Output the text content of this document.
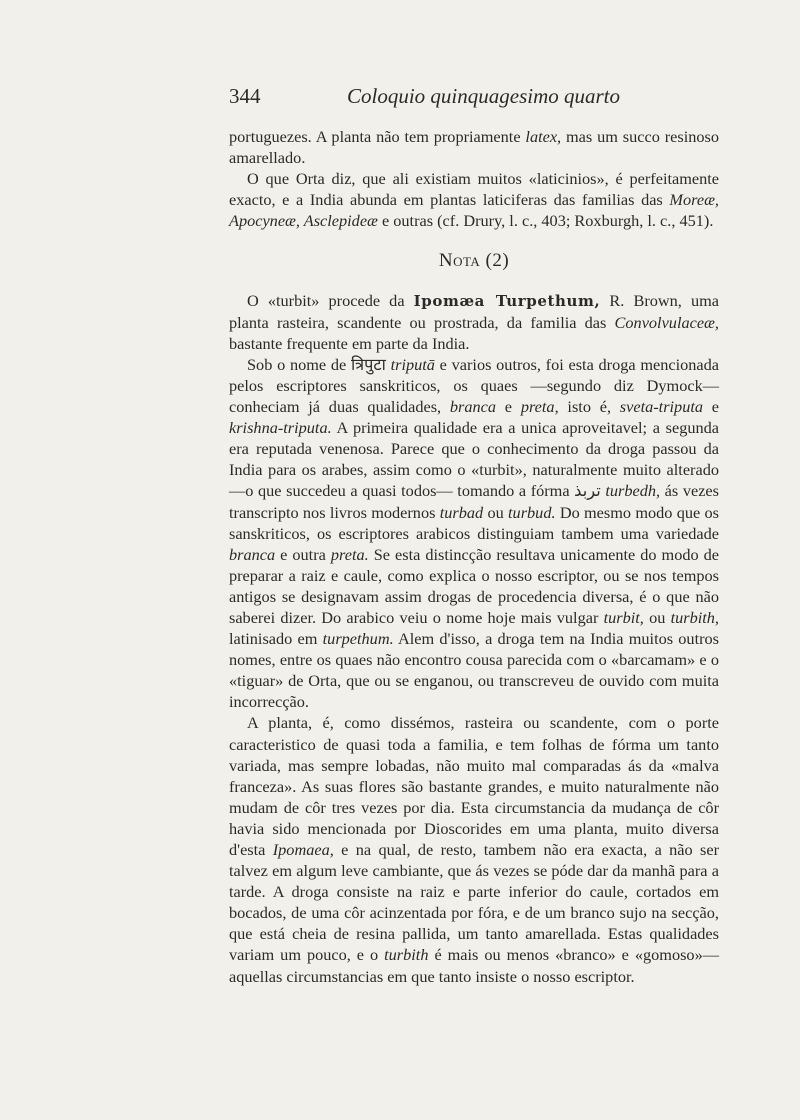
344	Coloquio quinquagesimo quarto

portuguezes. A planta não tem propriamente latex, mas um succo resinoso amarellado.

O que Orta diz, que ali existiam muitos «laticinios», é perfeitamente exacto, e a India abunda em plantas laticiferas das familias das Moreæ, Apocyneæ, Asclepideæ e outras (cf. Drury, l. c., 403; Roxburgh, l. c., 451).

Nota (2)

O «turbit» procede da Ipomæa Turpethum, R. Brown, uma planta rasteira, scandente ou prostrada, da familia das Convolvulaceæ, bastante frequente em parte da India.

Sob o nome de त्रिपुटा triputā e varios outros, foi esta droga mencionada pelos escriptores sanskriticos, os quaes —segundo diz Dymock— conheciam já duas qualidades, branca e preta, isto é, sveta-triputa e krishna-triputa. A primeira qualidade era a unica aproveitavel; a segunda era reputada venenosa. Parece que o conhecimento da droga passou da India para os arabes, assim como o «turbit», naturalmente muito alterado —o que succedeu a quasi todos— tomando a fórma تربذ turbedh, ás vezes transcripto nos livros modernos turbad ou turbud. Do mesmo modo que os sanskriticos, os escriptores arabicos distinguiam tambem uma variedade branca e outra preta. Se esta distincção resultava unicamente do modo de preparar a raiz e caule, como explica o nosso escriptor, ou se nos tempos antigos se designavam assim drogas de procedencia diversa, é o que não saberei dizer. Do arabico veiu o nome hoje mais vulgar turbit, ou turbith, latinisado em turpethum. Alem d'isso, a droga tem na India muitos outros nomes, entre os quaes não encontro cousa parecida com o «barcamam» e o «tiguar» de Orta, que ou se enganou, ou transcreveu de ouvido com muita incorrecção.

A planta, é, como dissémos, rasteira ou scandente, com o porte caracteristico de quasi toda a familia, e tem folhas de fórma um tanto variada, mas sempre lobadas, não muito mal comparadas ás da «malva franceza». As suas flores são bastante grandes, e muito naturalmente não mudam de côr tres vezes por dia. Esta circumstancia da mudança de côr havia sido mencionada por Dioscorides em uma planta, muito diversa d'esta Ipomaea, e na qual, de resto, tambem não era exacta, a não ser talvez em algum leve cambiante, que ás vezes se póde dar da manhã para a tarde. A droga consiste na raiz e parte inferior do caule, cortados em bocados, de uma côr acinzentada por fóra, e de um branco sujo na secção, que está cheia de resina pallida, um tanto amarellada. Estas qualidades variam um pouco, e o turbith é mais ou menos «branco» e «gomoso»—aquellas circumstancias em que tanto insiste o nosso escriptor.
